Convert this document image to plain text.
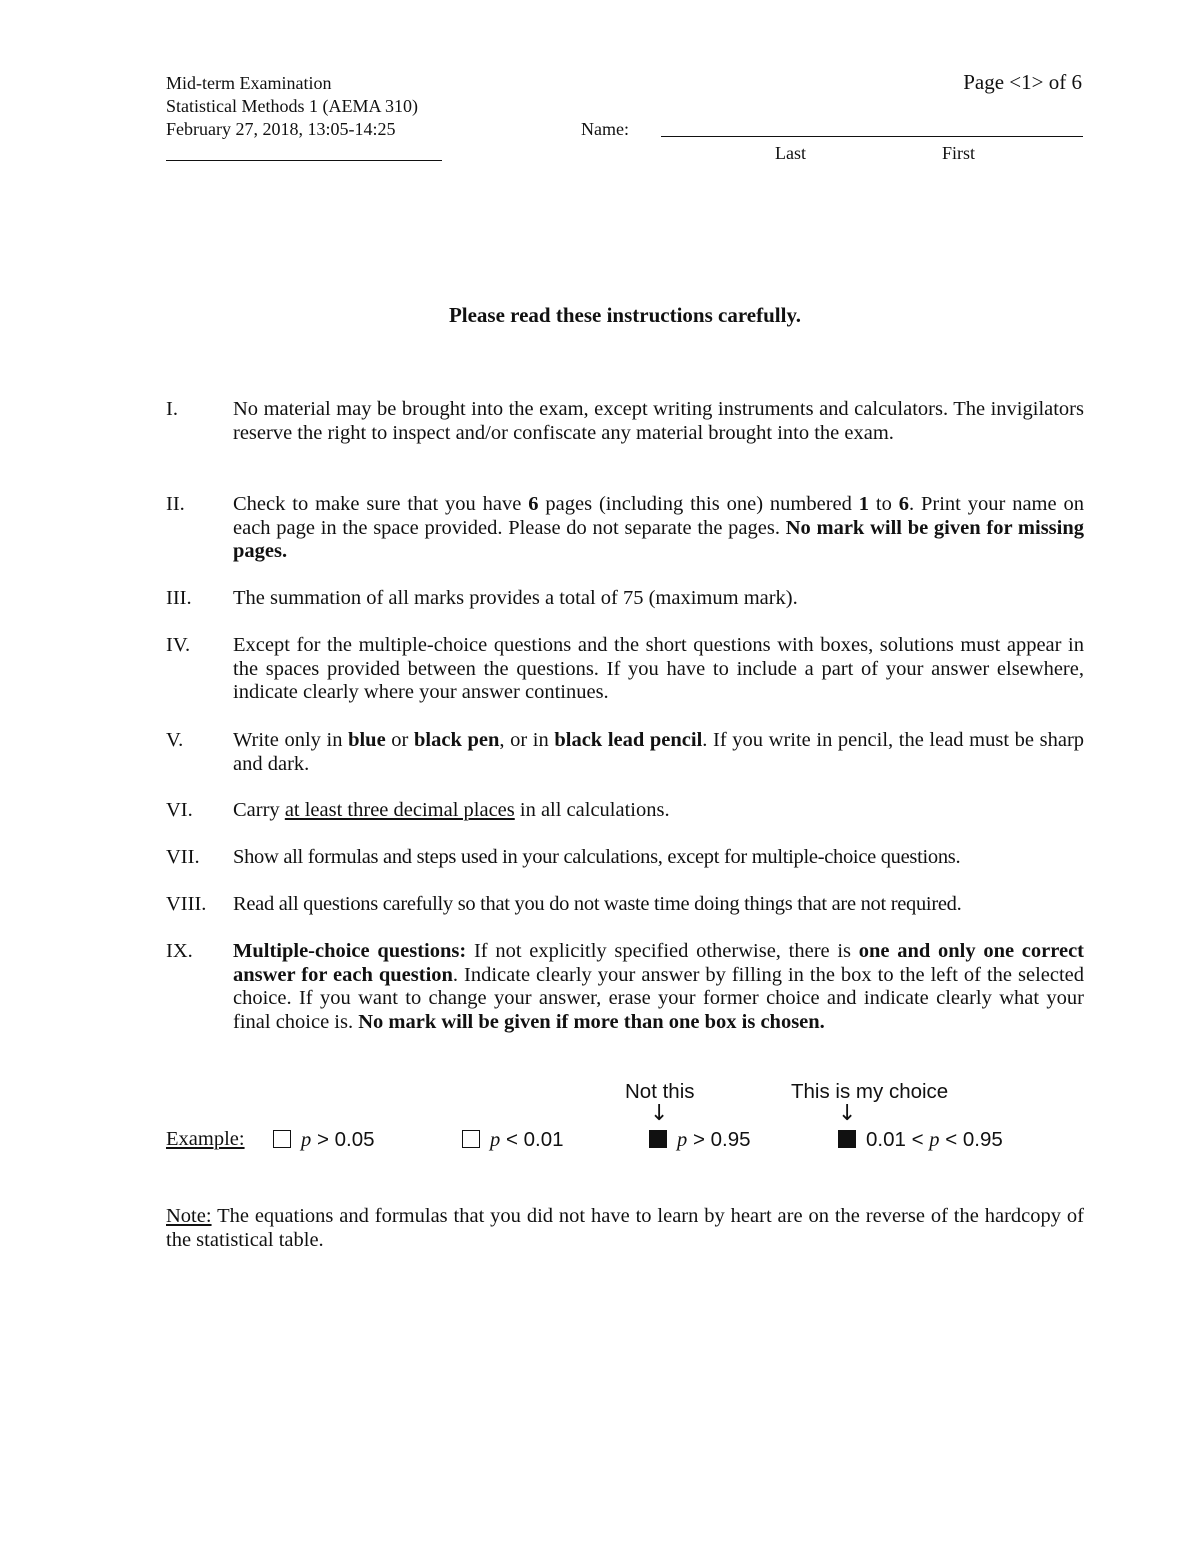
Mid-term Examination
Statistical Methods 1 (AEMA 310)
February 27, 2018, 13:05-14:25	Name:
Last	First
Page <1> of 6
Please read these instructions carefully.
I.	No material may be brought into the exam, except writing instruments and calculators. The invigilators reserve the right to inspect and/or confiscate any material brought into the exam.
II.	Check to make sure that you have 6 pages (including this one) numbered 1 to 6. Print your name on each page in the space provided. Please do not separate the pages. No mark will be given for missing pages.
III.	The summation of all marks provides a total of 75 (maximum mark).
IV.	Except for the multiple-choice questions and the short questions with boxes, solutions must appear in the spaces provided between the questions. If you have to include a part of your answer elsewhere, indicate clearly where your answer continues.
V.	Write only in blue or black pen, or in black lead pencil. If you write in pencil, the lead must be sharp and dark.
VI.	Carry at least three decimal places in all calculations.
VII.	Show all formulas and steps used in your calculations, except for multiple-choice questions.
VIII.	Read all questions carefully so that you do not waste time doing things that are not required.
IX.	Multiple-choice questions: If not explicitly specified otherwise, there is one and only one correct answer for each question. Indicate clearly your answer by filling in the box to the left of the selected choice. If you want to change your answer, erase your former choice and indicate clearly what your final choice is. No mark will be given if more than one box is chosen.
Not this	This is my choice
↓	↓
Example:	p > 0.05	p < 0.01	p > 0.95	0.01 < p < 0.95
Note: The equations and formulas that you did not have to learn by heart are on the reverse of the hardcopy of the statistical table.
